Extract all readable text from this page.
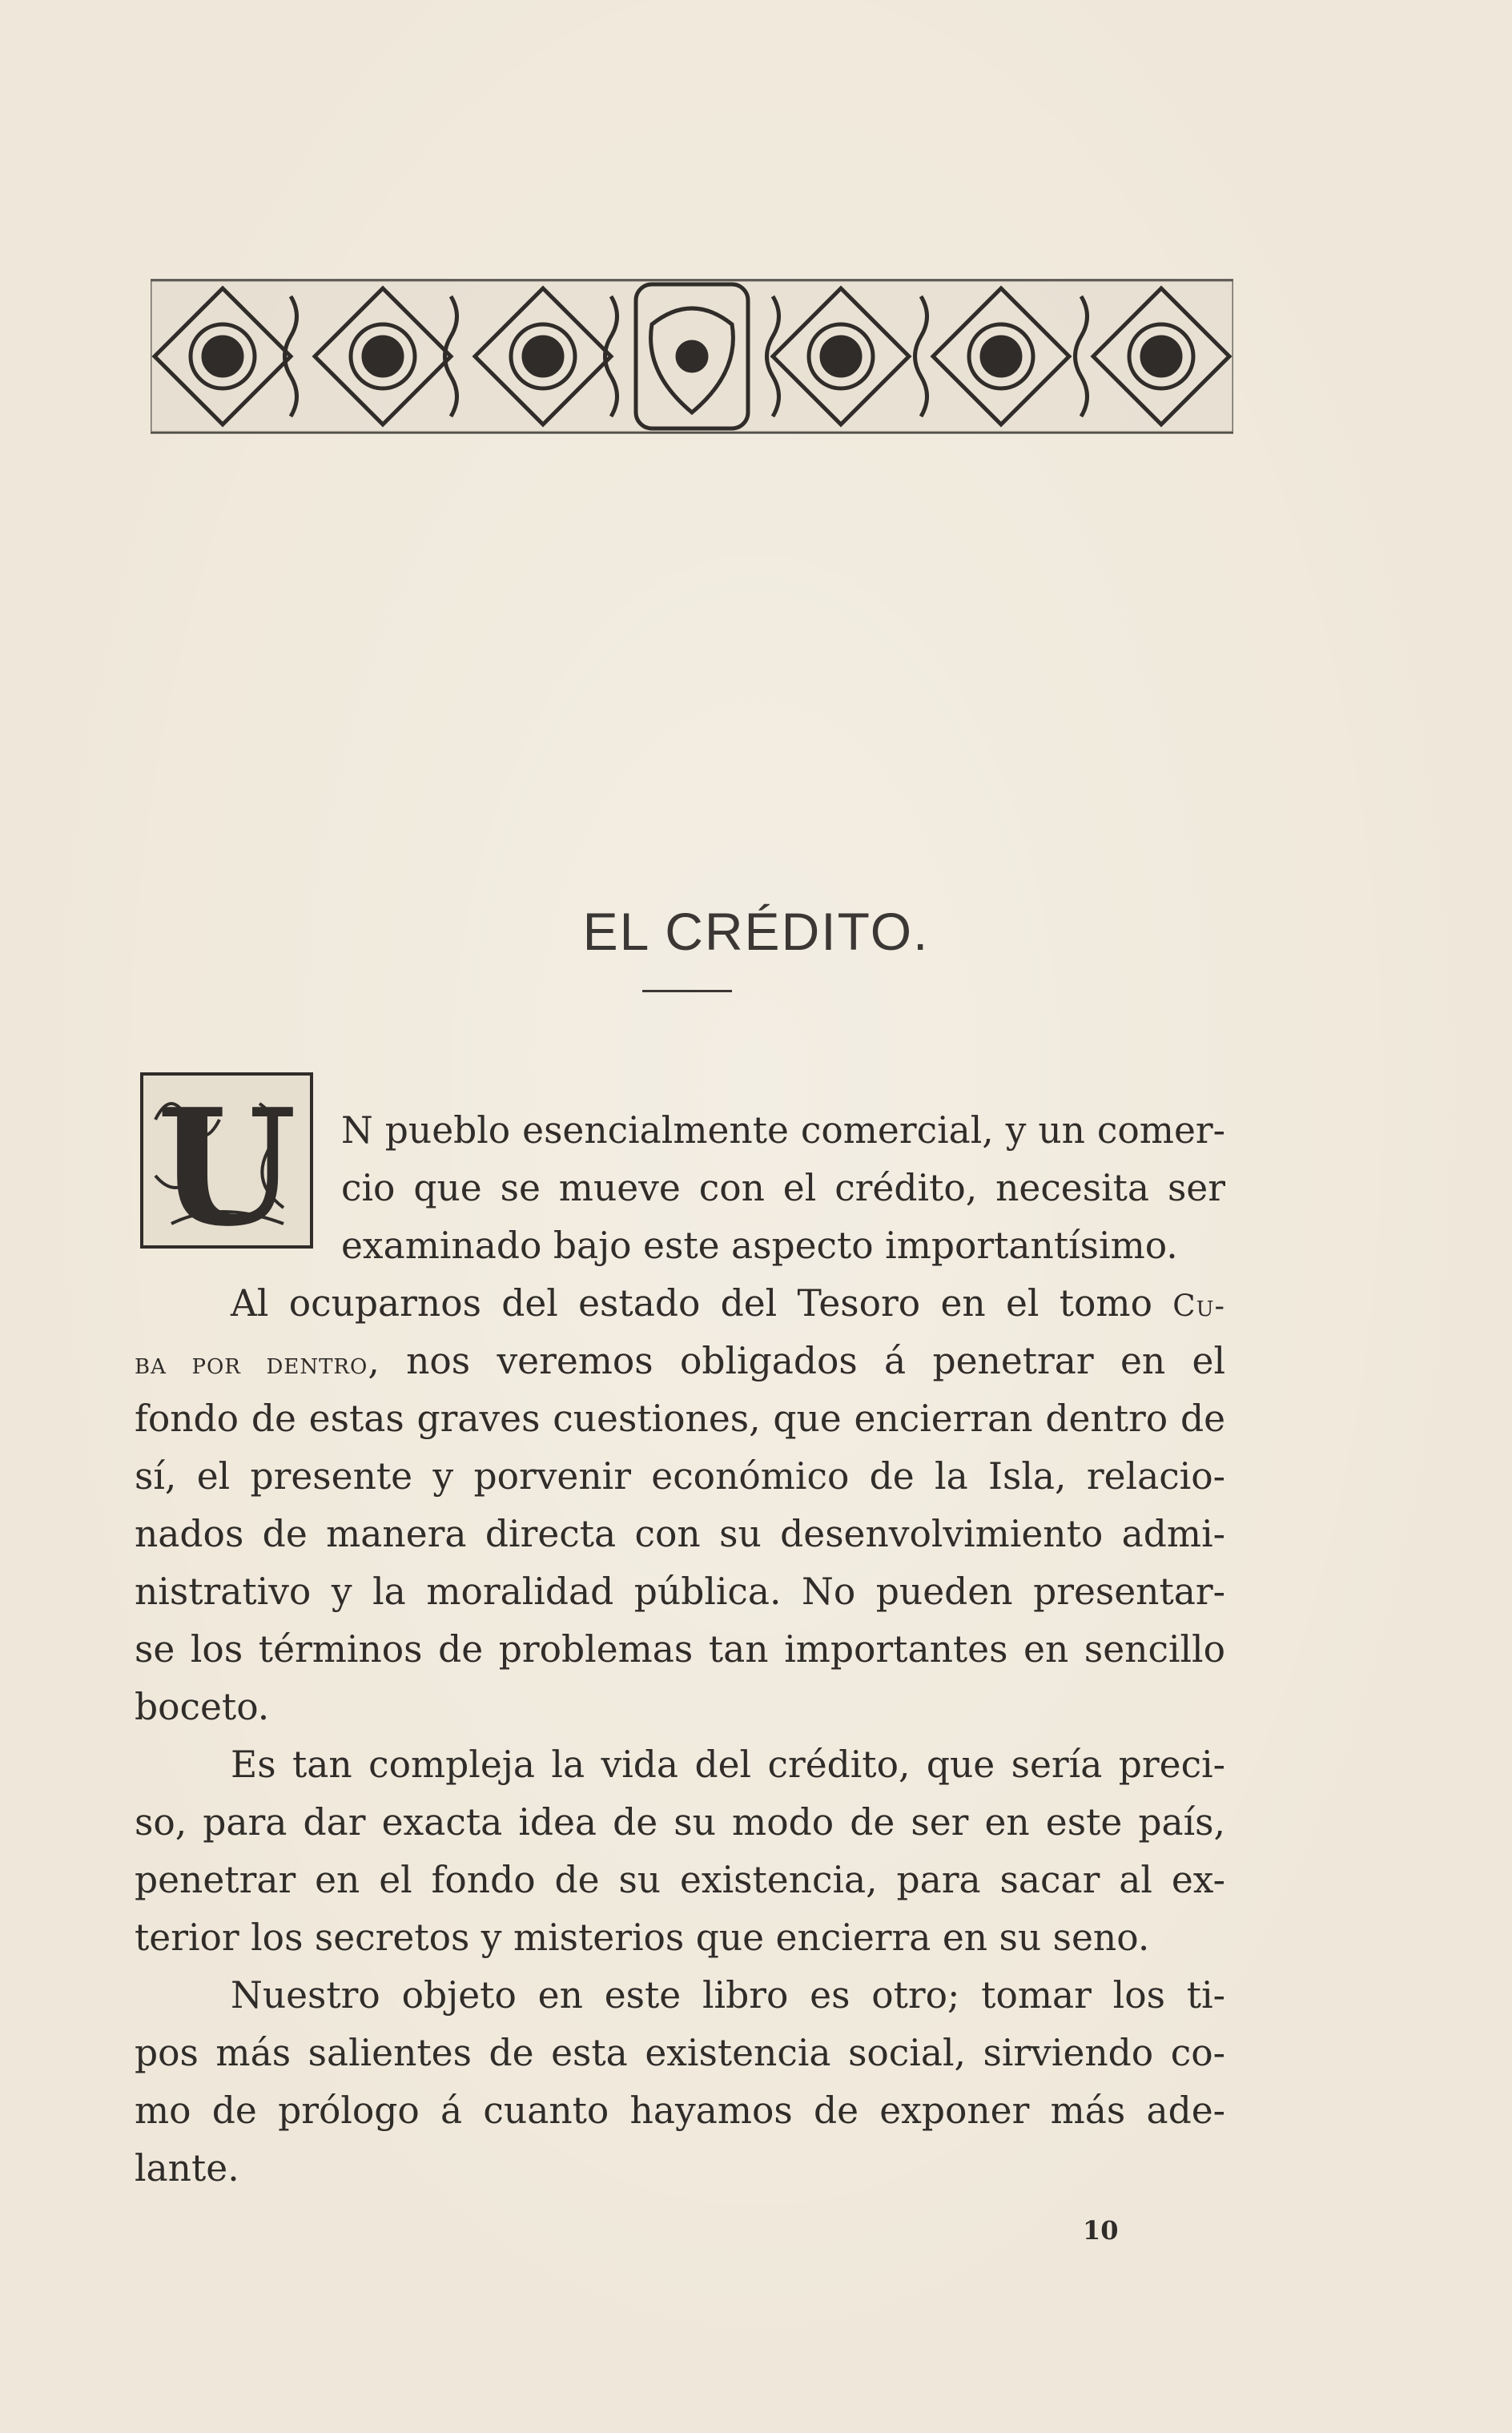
EL CRÉDITO.
U N pueblo esencialmente comercial, y un comer-
cio que se mueve con el crédito, necesita ser
examinado bajo este aspecto importantísimo.
Al ocuparnos del estado del Tesoro en el tomo Cu-
ba por dentro, nos veremos obligados á penetrar en el
fondo de estas graves cuestiones, que encierran dentro de
sí, el presente y porvenir económico de la Isla, relacio-
nados de manera directa con su desenvolvimiento admi-
nistrativo y la moralidad pública. No pueden presentar-
se los términos de problemas tan importantes en sencillo
boceto.
Es tan compleja la vida del crédito, que sería preci-
so, para dar exacta idea de su modo de ser en este país,
penetrar en el fondo de su existencia, para sacar al ex-
terior los secretos y misterios que encierra en su seno.
Nuestro objeto en este libro es otro; tomar los ti-
pos más salientes de esta existencia social, sirviendo co-
mo de prólogo á cuanto hayamos de exponer más ade-
lante.
10
